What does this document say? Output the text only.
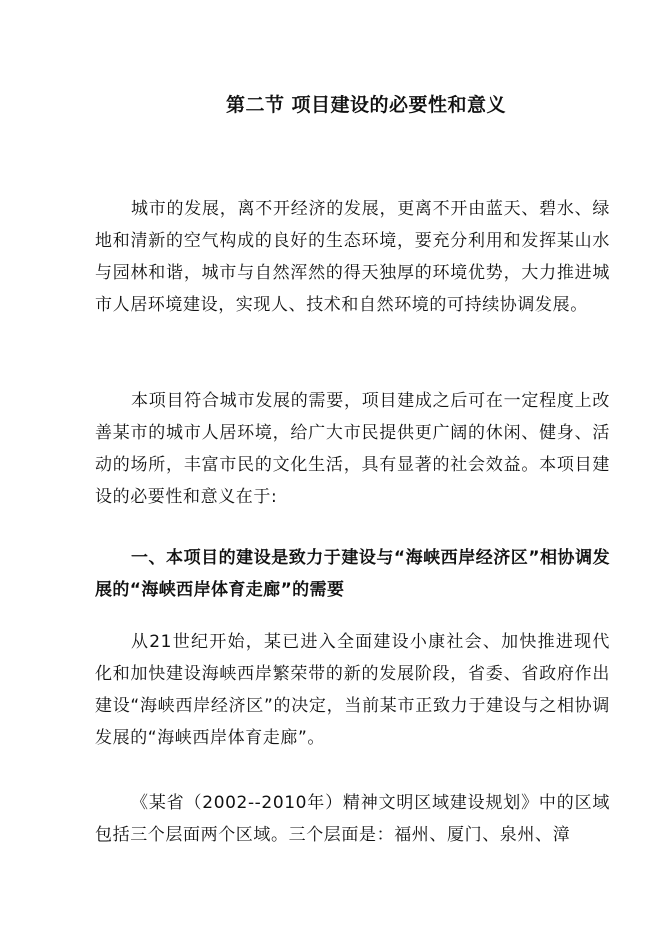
第二节 项目建设的必要性和意义

城市的发展，离不开经济的发展，更离不开由蓝天、碧水、绿地和清新的空气构成的良好的生态环境，要充分利用和发挥某山水与园林和谐，城市与自然浑然的得天独厚的环境优势，大力推进城市人居环境建设，实现人、技术和自然环境的可持续协调发展。

本项目符合城市发展的需要，项目建成之后可在一定程度上改善某市的城市人居环境，给广大市民提供更广阔的休闲、健身、活动的场所，丰富市民的文化生活，具有显著的社会效益。本项目建设的必要性和意义在于:

一、本项目的建设是致力于建设与“海峡西岸经济区”相协调发展的“海峡西岸体育走廊”的需要

从21世纪开始，某已进入全面建设小康社会、加快推进现代化和加快建设海峡西岸繁荣带的新的发展阶段，省委、省政府作出建设“海峡西岸经济区”的决定，当前某市正致力于建设与之相协调发展的“海峡西岸体育走廊”。

《某省（2002--2010年）精神文明区域建设规划》中的区域包括三个层面两个区域。三个层面是：福州、厦门、泉州、漳
